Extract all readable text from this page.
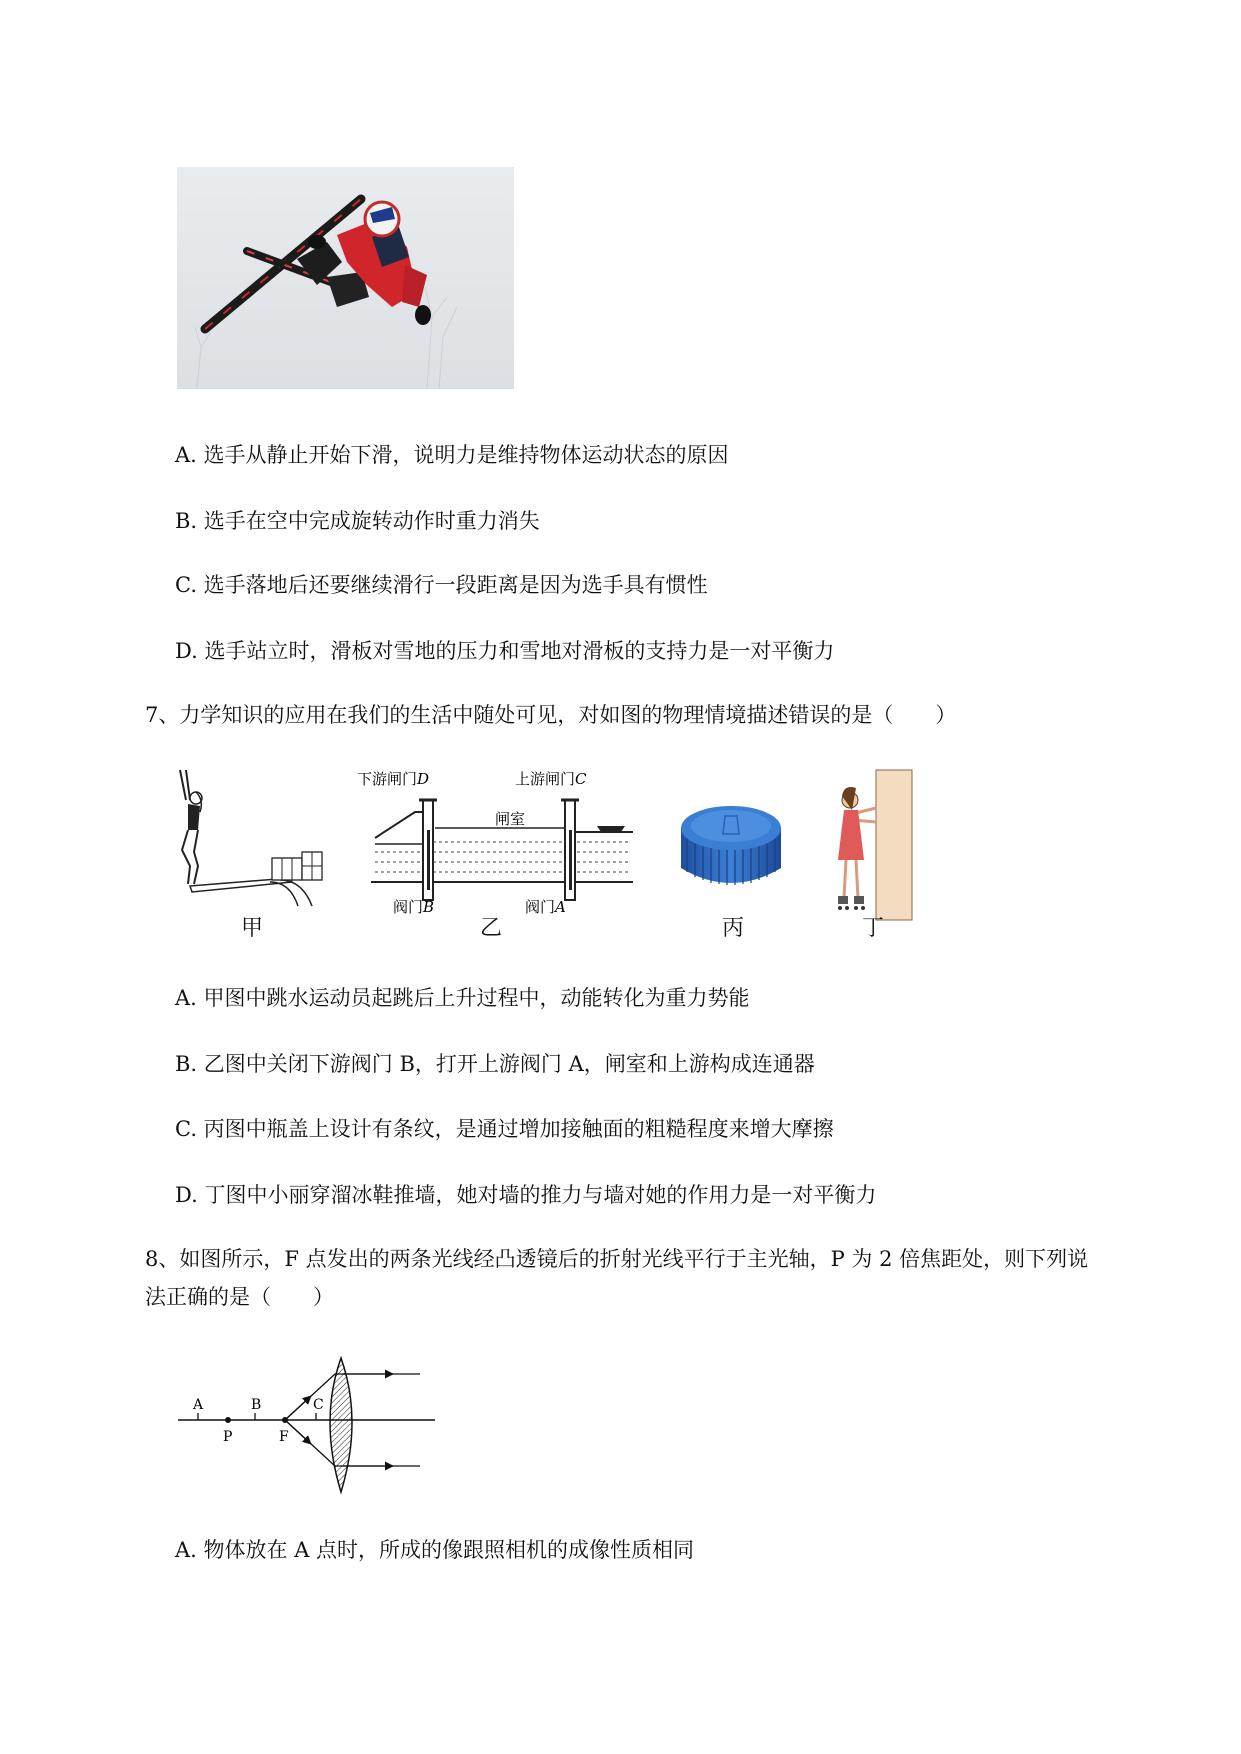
A. 选手从静止开始下滑，说明力是维持物体运动状态的原因
B. 选手在空中完成旋转动作时重力消失
C. 选手落地后还要继续滑行一段距离是因为选手具有惯性
D. 选手站立时，滑板对雪地的压力和雪地对滑板的支持力是一对平衡力
7、力学知识的应用在我们的生活中随处可见，对如图的物理情境描述错误的是（　　）
甲
下游闸门D	上游闸门C
闸室
阀门B	阀门A
乙	丙	丁
A. 甲图中跳水运动员起跳后上升过程中，动能转化为重力势能
B. 乙图中关闭下游阀门 B，打开上游阀门 A，闸室和上游构成连通器
C. 丙图中瓶盖上设计有条纹，是通过增加接触面的粗糙程度来增大摩擦
D. 丁图中小丽穿溜冰鞋推墙，她对墙的推力与墙对她的作用力是一对平衡力
8、如图所示，F 点发出的两条光线经凸透镜后的折射光线平行于主光轴，P 为 2 倍焦距处，则下列说
法正确的是（　　）
A	B	C
P	F
A. 物体放在 A 点时，所成的像跟照相机的成像性质相同
